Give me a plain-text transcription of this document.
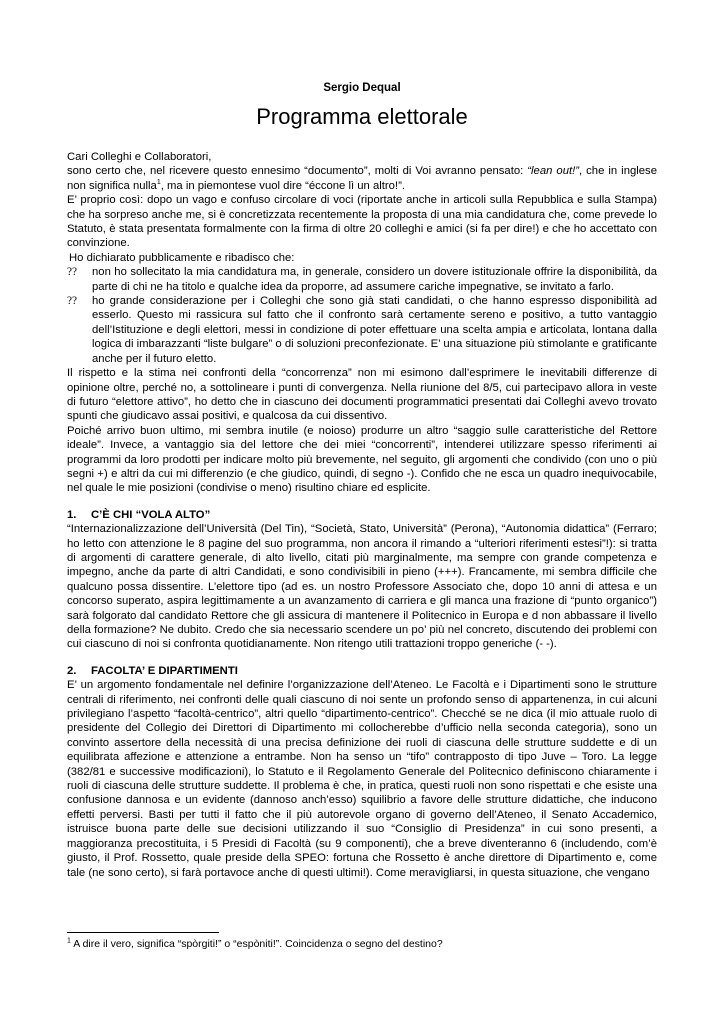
Sergio Dequal

Programma elettorale

Cari Colleghi e Collaboratori,

sono certo che, nel ricevere questo ennesimo “documento”, molti di Voi avranno pensato: “lean out!”, che in inglese non significa nulla$^1$, ma in piemontese vuol dire “éccone lì un altro!”.

E’ proprio così: dopo un vago e confuso circolare di voci (riportate anche in articoli sulla Repubblica e sulla Stampa) che ha sorpreso anche me, si è concretizzata recentemente la proposta di una mia candidatura che, come prevede lo Statuto, è stata presentata formalmente con la firma di oltre 20 colleghi e amici (si fa per dire!) e che ho accettato con convinzione.

Ho dichiarato pubblicamente e ribadisco che:

?? non ho sollecitato la mia candidatura ma, in generale, considero un dovere istituzionale offrire la disponibilità, da parte di chi ne ha titolo e qualche idea da proporre, ad assumere cariche impegnative, se invitato a farlo.
?? ho grande considerazione per i Colleghi che sono già stati candidati, o che hanno espresso disponibilità ad esserlo. Questo mi rassicura sul fatto che il confronto sarà certamente sereno e positivo, a tutto vantaggio dell’Istituzione e degli elettori, messi in condizione di poter effettuare una scelta ampia e articolata, lontana dalla logica di imbarazzanti “liste bulgare” o di soluzioni preconfezionate. E’ una situazione più stimolante e gratificante anche per il futuro eletto.

Il rispetto e la stima nei confronti della “concorrenza” non mi esimono dall’esprimere le inevitabili differenze di opinione oltre, perché no, a sottolineare i punti di convergenza. Nella riunione del 8/5, cui partecipavo allora in veste di futuro “elettore attivo”, ho detto che in ciascuno dei documenti programmatici presentati dai Colleghi avevo trovato spunti che giudicavo assai positivi, e qualcosa da cui dissentivo.

Poiché arrivo buon ultimo, mi sembra inutile (e noioso) produrre un altro “saggio sulle caratteristiche del Rettore ideale”. Invece, a vantaggio sia del lettore che dei miei “concorrenti”, intenderei utilizzare spesso riferimenti ai programmi da loro prodotti per indicare molto più brevemente, nel seguito, gli argomenti che condivido (con uno o più segni +) e altri da cui mi differenzio (e che giudico, quindi, di segno -). Confido che ne esca un quadro inequivocabile, nel quale le mie posizioni (condivise o meno) risultino chiare ed esplicite.

1. C’È CHI “VOLA ALTO”

“Internazionalizzazione dell’Università (Del Tin), “Società, Stato, Università” (Perona), “Autonomia didattica” (Ferraro; ho letto con attenzione le 8 pagine del suo programma, non ancora il rimando a “ulteriori riferimenti estesi”!): si tratta di argomenti di carattere generale, di alto livello, citati più marginalmente, ma sempre con grande competenza e impegno, anche da parte di altri Candidati, e sono condivisibili in pieno (+++). Francamente, mi sembra difficile che qualcuno possa dissentire. L’elettore tipo (ad es. un nostro Professore Associato che, dopo 10 anni di attesa e un concorso superato, aspira legittimamente a un avanzamento di carriera e gli manca una frazione di “punto organico”) sarà folgorato dal candidato Rettore che gli assicura di mantenere il Politecnico in Europa e d non abbassare il livello della formazione? Ne dubito. Credo che sia necessario scendere un po’ più nel concreto, discutendo dei problemi con cui ciascuno di noi si confronta quotidianamente. Non ritengo utili trattazioni troppo generiche (- -).

2. FACOLTA’ E DIPARTIMENTI

E’ un argomento fondamentale nel definire l’organizzazione dell’Ateneo. Le Facoltà e i Dipartimenti sono le strutture centrali di riferimento, nei confronti delle quali ciascuno di noi sente un profondo senso di appartenenza, in cui alcuni privilegiano l’aspetto “facoltà-centrico”, altri quello “dipartimento-centrico”. Checché se ne dica (il mio attuale ruolo di presidente del Collegio dei Direttori di Dipartimento mi collocherebbe d’ufficio nella seconda categoria), sono un convinto assertore della necessità di una precisa definizione dei ruoli di ciascuna delle strutture suddette e di un equilibrata affezione e attenzione a entrambe. Non ha senso un “tifo” contrapposto di tipo Juve – Toro. La legge (382/81 e successive modificazioni), lo Statuto e il Regolamento Generale del Politecnico definiscono chiaramente i ruoli di ciascuna delle strutture suddette. Il problema è che, in pratica, questi ruoli non sono rispettati e che esiste una confusione dannosa e un evidente (dannoso anch’esso) squilibrio a favore delle strutture didattiche, che inducono effetti perversi. Basti per tutti il fatto che il più autorevole organo di governo dell’Ateneo, il Senato Accademico, istruisce buona parte delle sue decisioni utilizzando il suo “Consiglio di Presidenza” in cui sono presenti, a maggioranza precostituita, i 5 Presidi di Facoltà (su 9 componenti), che a breve diventeranno 6 (includendo, com’è giusto, il Prof. Rossetto, quale preside della SPEO: fortuna che Rossetto è anche direttore di Dipartimento e, come tale (ne sono certo), si farà portavoce anche di questi ultimi!). Come meravigliarsi, in questa situazione, che vengano

$^1$ A dire il vero, significa “spòrgiti!” o “espòniti!”. Coincidenza o segno del destino?
